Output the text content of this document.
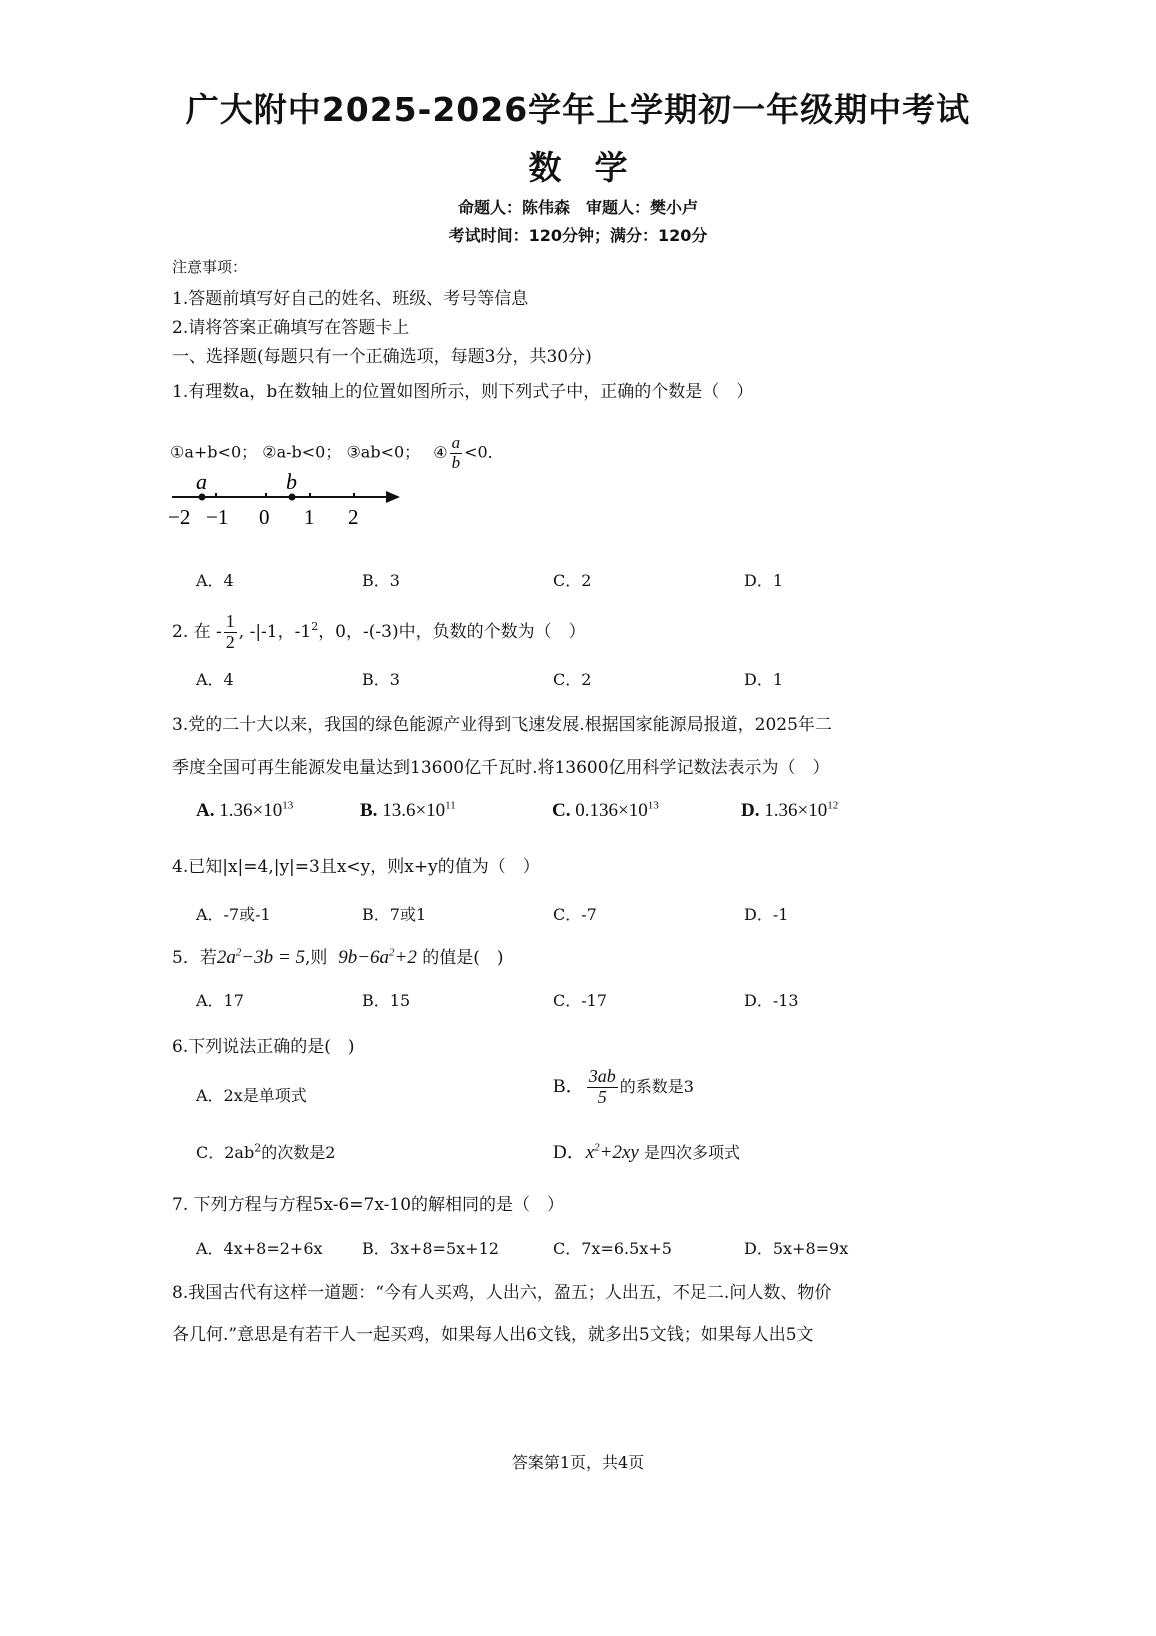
广大附中2025-2026学年上学期初一年级期中考试
数　学
命题人：陈伟森　审题人：樊小卢
考试时间：120分钟；满分：120分
注意事项：
1.答题前填写好自己的姓名、班级、考号等信息
2.请将答案正确填写在答题卡上
一、选择题(每题只有一个正确选项，每题3分，共30分)
1.有理数a，b在数轴上的位置如图所示，则下列式子中，正确的个数是（　）
①a+b<0； ②a-b<0； ③ab<0； ④ $\frac{a}{b} <0$．
a	b
−2 −1 0 1 2
A．4	B．3	C．2	D．1
2. 在 - $\frac{1}{2}$ , -|-1，$-1^2$，0，-(-3)中，负数的个数为（　）
A．4	B．3	C．2	D．1
3.党的二十大以来，我国的绿色能源产业得到飞速发展.根据国家能源局报道，2025年二
季度全国可再生能源发电量达到13600亿千瓦时.将13600亿用科学记数法表示为（　）
A. $1.36\times 10^{13}$	B. $13.6\times 10^{11}$	C. $0.136\times 10^{13}$	D. $1.36\times 10^{12}$
4.已知|x|=4,|y|=3且x<y，则x+y的值为（　）
A．-7或-1	B．7或1	C．-7	D．-1
5．若$2a^2-3b = 5$,则 $9b-6a^2+2$ 的值是(　)
A．17	B．15	C．-17	D．-13
6.下列说法正确的是(　)
A．2x是单项式	B． $\frac{3ab}{5}$ 的系数是3
C．$2ab^2$的次数是2	D．$x^2+2xy$ 是四次多项式
7. 下列方程与方程5x-6=7x-10的解相同的是（　）
A．4x+8=2+6x B．3x+8=5x+12	C．7x=6.5x+5	D．5x+8=9x
8.我国古代有这样一道题：“今有人买鸡，人出六，盈五；人出五，不足二.问人数、物价
各几何.”意思是有若干人一起买鸡，如果每人出6文钱，就多出5文钱；如果每人出5文
答案第1页，共4页
